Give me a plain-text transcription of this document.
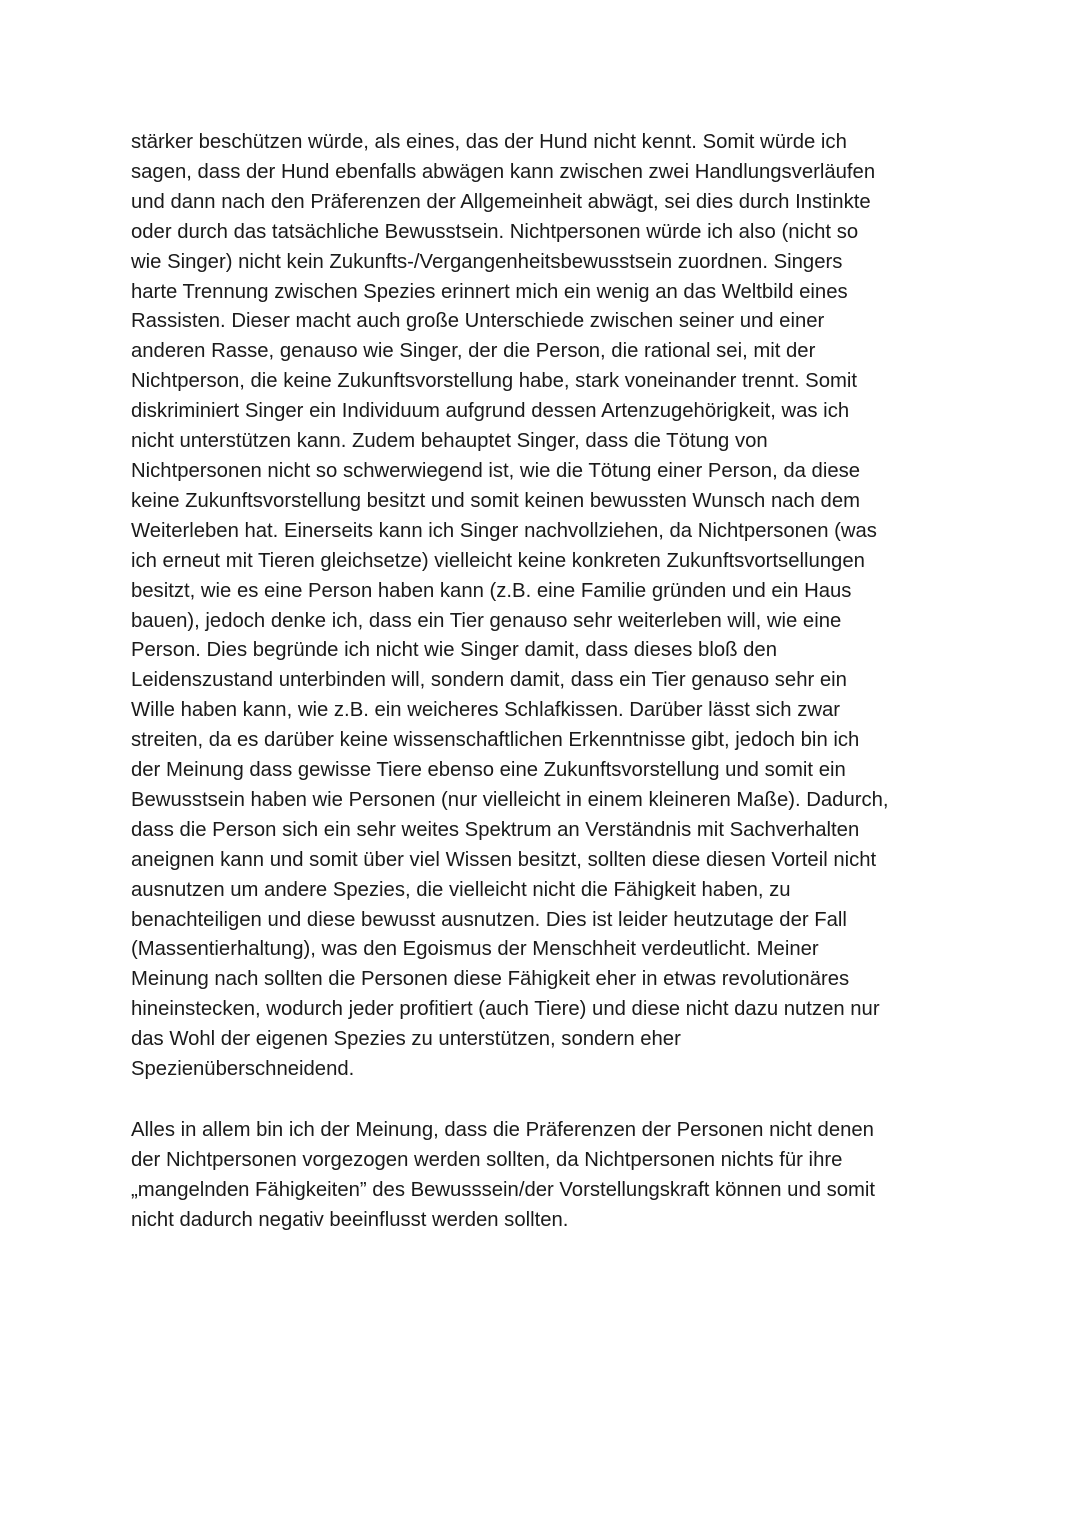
stärker beschützen würde, als eines, das der Hund nicht kennt. Somit würde ich
sagen, dass der Hund ebenfalls abwägen kann zwischen zwei Handlungsverläufen
und dann nach den Präferenzen der Allgemeinheit abwägt, sei dies durch Instinkte
oder durch das tatsächliche Bewusstsein. Nichtpersonen würde ich also (nicht so
wie Singer) nicht kein Zukunfts-/Vergangenheitsbewusstsein zuordnen. Singers
harte Trennung zwischen Spezies erinnert mich ein wenig an das Weltbild eines
Rassisten. Dieser macht auch große Unterschiede zwischen seiner und einer
anderen Rasse, genauso wie Singer, der die Person, die rational sei, mit der
Nichtperson, die keine Zukunftsvorstellung habe, stark voneinander trennt. Somit
diskriminiert Singer ein Individuum aufgrund dessen Artenzugehörigkeit, was ich
nicht unterstützen kann. Zudem behauptet Singer, dass die Tötung von
Nichtpersonen nicht so schwerwiegend ist, wie die Tötung einer Person, da diese
keine Zukunftsvorstellung besitzt und somit keinen bewussten Wunsch nach dem
Weiterleben hat. Einerseits kann ich Singer nachvollziehen, da Nichtpersonen (was
ich erneut mit Tieren gleichsetze) vielleicht keine konkreten Zukunftsvortsellungen
besitzt, wie es eine Person haben kann (z.B. eine Familie gründen und ein Haus
bauen), jedoch denke ich, dass ein Tier genauso sehr weiterleben will, wie eine
Person. Dies begründe ich nicht wie Singer damit, dass dieses bloß den
Leidenszustand unterbinden will, sondern damit, dass ein Tier genauso sehr ein
Wille haben kann, wie z.B. ein weicheres Schlafkissen. Darüber lässt sich zwar
streiten, da es darüber keine wissenschaftlichen Erkenntnisse gibt, jedoch bin ich
der Meinung dass gewisse Tiere ebenso eine Zukunftsvorstellung und somit ein
Bewusstsein haben wie Personen (nur vielleicht in einem kleineren Maße). Dadurch,
dass die Person sich ein sehr weites Spektrum an Verständnis mit Sachverhalten
aneignen kann und somit über viel Wissen besitzt, sollten diese diesen Vorteil nicht
ausnutzen um andere Spezies, die vielleicht nicht die Fähigkeit haben, zu
benachteiligen und diese bewusst ausnutzen. Dies ist leider heutzutage der Fall
(Massentierhaltung), was den Egoismus der Menschheit verdeutlicht. Meiner
Meinung nach sollten die Personen diese Fähigkeit eher in etwas revolutionäres
hineinstecken, wodurch jeder profitiert (auch Tiere) und diese nicht dazu nutzen nur
das Wohl der eigenen Spezies zu unterstützen, sondern eher
Spezienüberschneidend.
Alles in allem bin ich der Meinung, dass die Präferenzen der Personen nicht denen
der Nichtpersonen vorgezogen werden sollten, da Nichtpersonen nichts für ihre
„mangelnden Fähigkeiten” des Bewusssein/der Vorstellungskraft können und somit
nicht dadurch negativ beeinflusst werden sollten.
